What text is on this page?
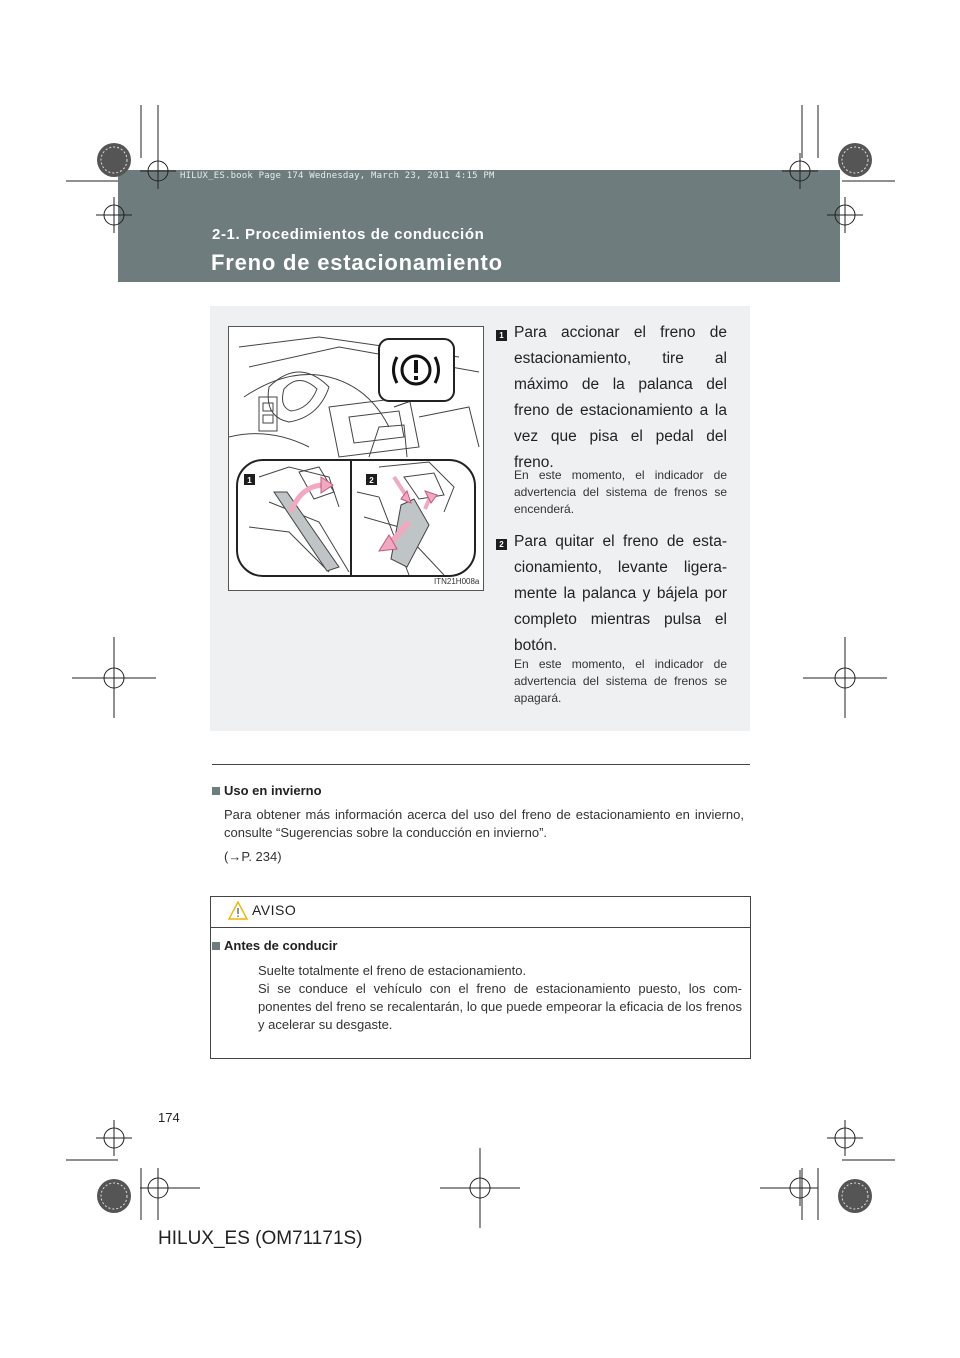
HILUX_ES.book Page 174 Wednesday, March 23, 2011 4:15 PM
2-1. Procedimientos de conducción
Freno de estacionamiento
1	2
ITN21H008a
1 Para accionar el freno de estacionamiento, tire al máximo de la palanca del freno de estacionamiento a la vez que pisa el pedal del freno.
En este momento, el indicador de advertencia del sistema de frenos se encenderá.
2 Para quitar el freno de esta-cionamiento, levante ligera-mente la palanca y bájela por completo mientras pulsa el botón.
En este momento, el indicador de advertencia del sistema de frenos se apagará.
Uso en invierno
Para obtener más información acerca del uso del freno de estacionamiento en invierno, consulte “Sugerencias sobre la conducción en invierno”.
(→P. 234)
AVISO
Antes de conducir
Suelte totalmente el freno de estacionamiento.
Si se conduce el vehículo con el freno de estacionamiento puesto, los com-ponentes del freno se recalentarán, lo que puede empeorar la eficacia de los frenos y acelerar su desgaste.
174
HILUX_ES (OM71171S)
